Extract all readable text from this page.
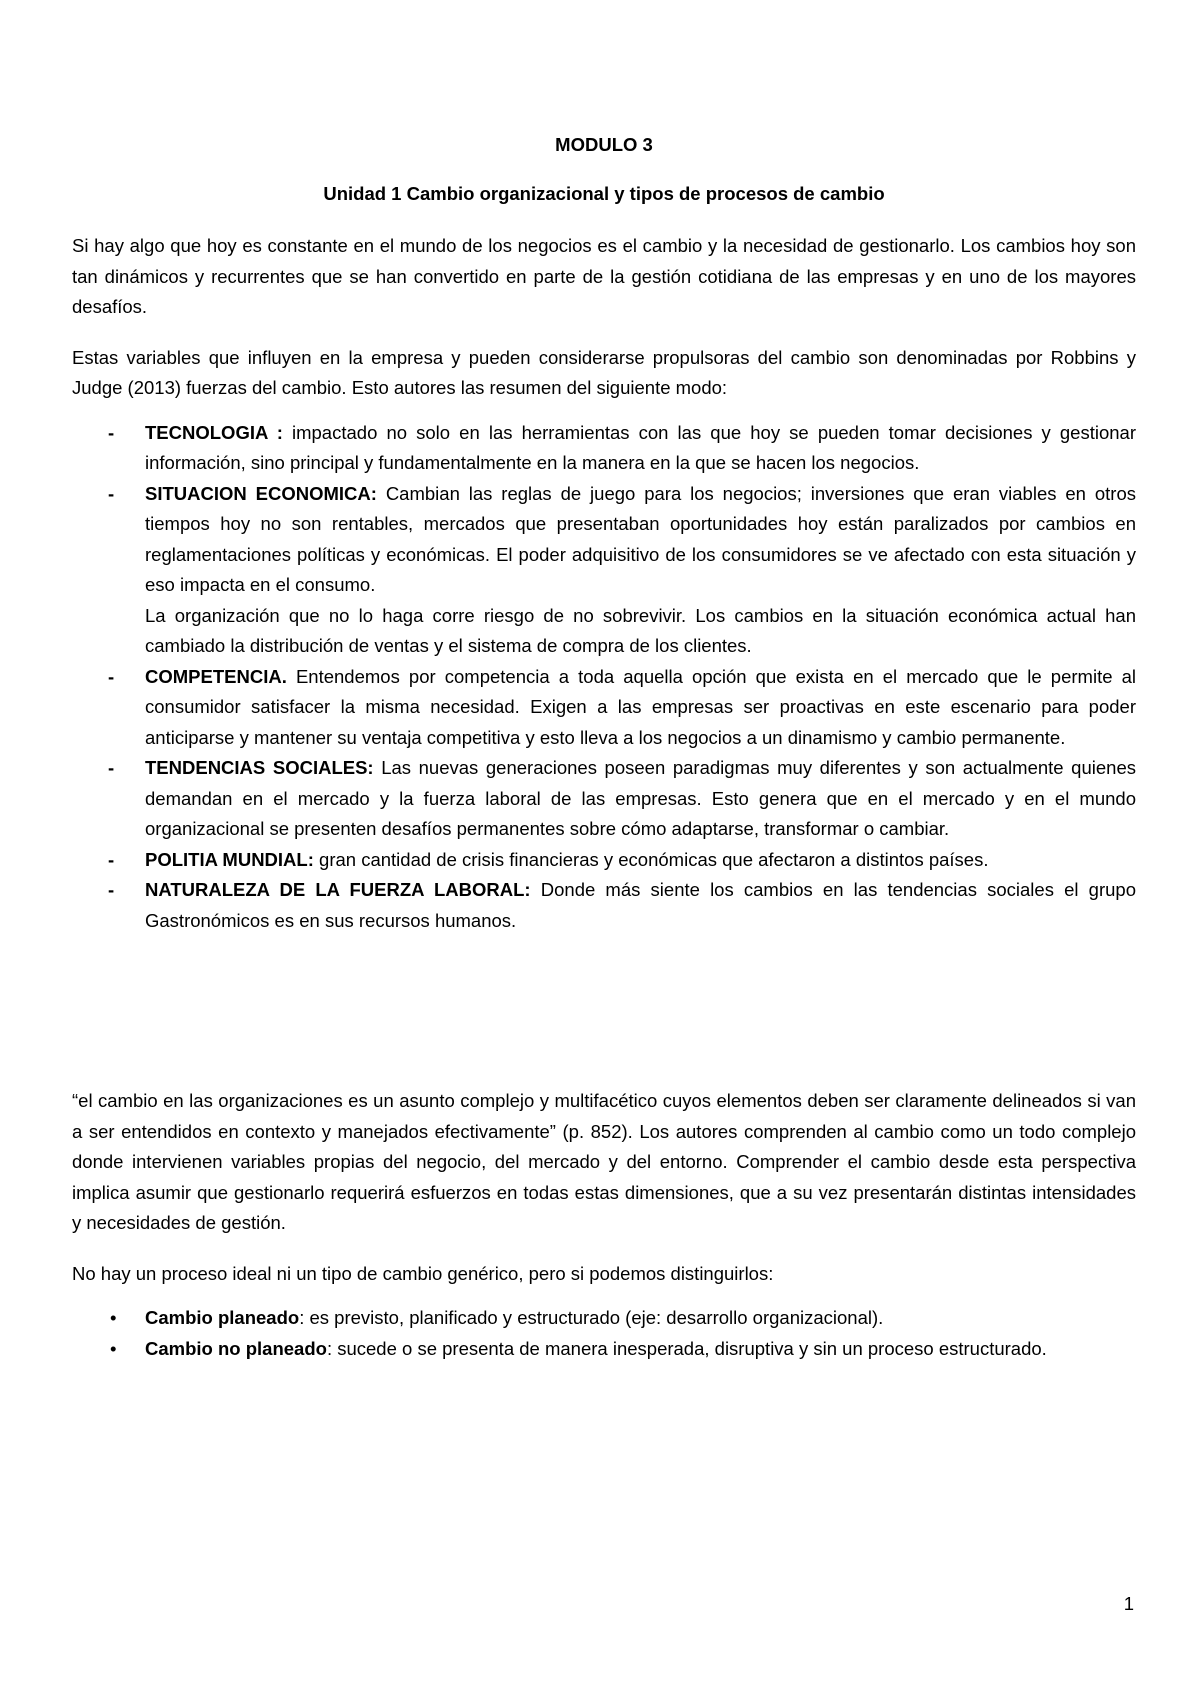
MODULO 3
Unidad 1 Cambio organizacional y tipos de procesos de cambio

Si hay algo que hoy es constante en el mundo de los negocios es el cambio y la necesidad de gestionarlo. Los cambios hoy son tan dinámicos y recurrentes que se han convertido en parte de la gestión cotidiana de las empresas y en uno de los mayores desafíos.

Estas variables que influyen en la empresa y pueden considerarse propulsoras del cambio son denominadas por Robbins y Judge (2013) fuerzas del cambio. Esto autores las resumen del siguiente modo:

- TECNOLOGIA : impactado no solo en las herramientas con las que hoy se pueden tomar decisiones y gestionar información, sino principal y fundamentalmente en la manera en la que se hacen los negocios.
- SITUACION ECONOMICA: Cambian las reglas de juego para los negocios; inversiones que eran viables en otros tiempos hoy no son rentables, mercados que presentaban oportunidades hoy están paralizados por cambios en reglamentaciones políticas y económicas. El poder adquisitivo de los consumidores se ve afectado con esta situación y eso impacta en el consumo.
La organización que no lo haga corre riesgo de no sobrevivir. Los cambios en la situación económica actual han cambiado la distribución de ventas y el sistema de compra de los clientes.
- COMPETENCIA. Entendemos por competencia a toda aquella opción que exista en el mercado que le permite al consumidor satisfacer la misma necesidad. Exigen a las empresas ser proactivas en este escenario para poder anticiparse y mantener su ventaja competitiva y esto lleva a los negocios a un dinamismo y cambio permanente.
- TENDENCIAS SOCIALES: Las nuevas generaciones poseen paradigmas muy diferentes y son actualmente quienes demandan en el mercado y la fuerza laboral de las empresas. Esto genera que en el mercado y en el mundo organizacional se presenten desafíos permanentes sobre cómo adaptarse, transformar o cambiar.
- POLITIA MUNDIAL: gran cantidad de crisis financieras y económicas que afectaron a distintos países.
- NATURALEZA DE LA FUERZA LABORAL: Donde más siente los cambios en las tendencias sociales el grupo Gastronómicos es en sus recursos humanos.

“el cambio en las organizaciones es un asunto complejo y multifacético cuyos elementos deben ser claramente delineados si van a ser entendidos en contexto y manejados efectivamente” (p. 852). Los autores comprenden al cambio como un todo complejo donde intervienen variables propias del negocio, del mercado y del entorno. Comprender el cambio desde esta perspectiva implica asumir que gestionarlo requerirá esfuerzos en todas estas dimensiones, que a su vez presentarán distintas intensidades y necesidades de gestión.

No hay un proceso ideal ni un tipo de cambio genérico, pero si podemos distinguirlos:

• Cambio planeado: es previsto, planificado y estructurado (eje: desarrollo organizacional).
• Cambio no planeado: sucede o se presenta de manera inesperada, disruptiva y sin un proceso estructurado.
1
